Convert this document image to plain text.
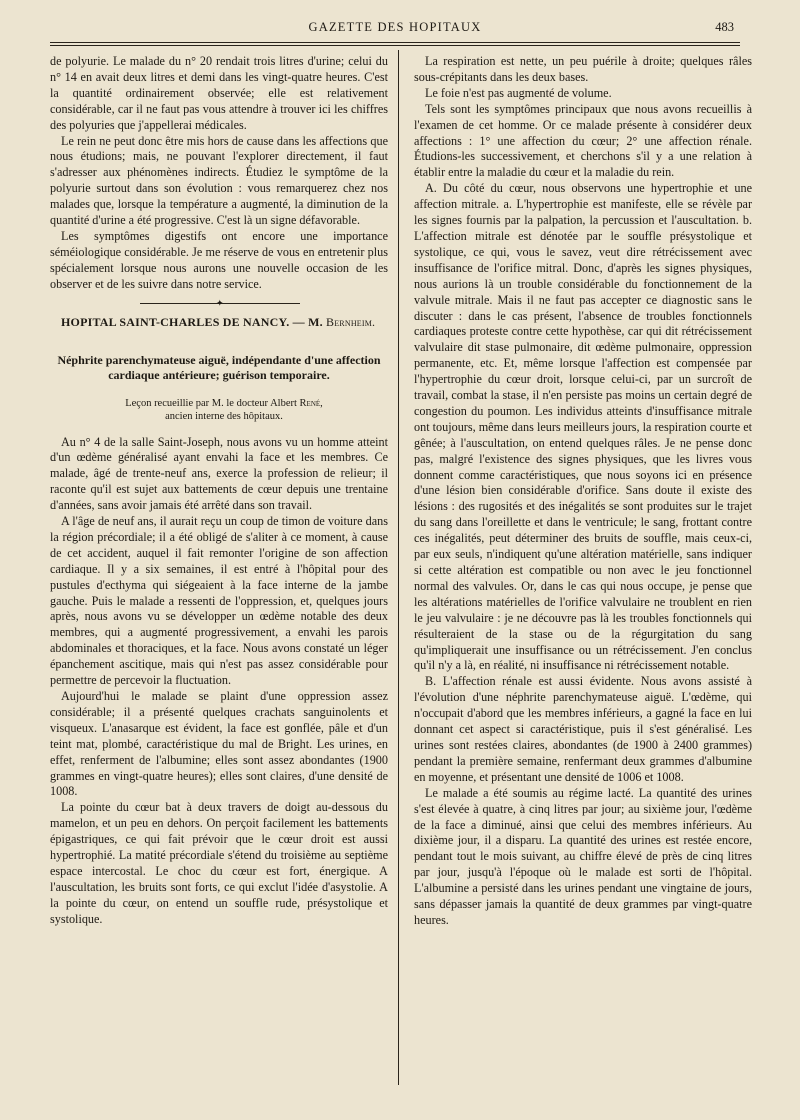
GAZETTE DES HOPITAUX	483

de polyurie. Le malade du n° 20 rendait trois litres d'urine; celui du n° 14 en avait deux litres et demi dans les vingt-quatre heures. C'est la quantité ordinairement observée; elle est relativement considérable, car il ne faut pas vous attendre à trouver ici les chiffres des polyuries que j'appellerai médicales.

Le rein ne peut donc être mis hors de cause dans les affections que nous étudions; mais, ne pouvant l'explorer directement, il faut s'adresser aux phénomènes indirects. Étudiez le symptôme de la polyurie surtout dans son évolution : vous remarquerez chez nos malades que, lorsque la température a augmenté, la diminution de la quantité d'urine a été progressive. C'est là un signe défavorable.

Les symptômes digestifs ont encore une importance séméiologique considérable. Je me réserve de vous en entretenir plus spécialement lorsque nous aurons une nouvelle occasion de les observer et de les suivre dans notre service.

✦

HOPITAL SAINT-CHARLES DE NANCY. — M. Bernheim.

Néphrite parenchymateuse aiguë, indépendante d'une affection cardiaque antérieure; guérison temporaire.
Leçon recueillie par M. le docteur Albert René,
ancien interne des hôpitaux.

Au n° 4 de la salle Saint-Joseph, nous avons vu un homme atteint d'un œdème généralisé ayant envahi la face et les membres. Ce malade, âgé de trente-neuf ans, exerce la profession de relieur; il raconte qu'il est sujet aux battements de cœur depuis une trentaine d'années, sans avoir jamais été arrêté dans son travail.

A l'âge de neuf ans, il aurait reçu un coup de timon de voiture dans la région précordiale; il a été obligé de s'aliter à ce moment, à cause de cet accident, auquel il fait remonter l'origine de son affection cardiaque. Il y a six semaines, il est entré à l'hôpital pour des pustules d'ecthyma qui siégeaient à la face interne de la jambe gauche. Puis le malade a ressenti de l'oppression, et, quelques jours après, nous avons vu se développer un œdème notable des deux membres, qui a augmenté progressivement, a envahi les parois abdominales et thoraciques, et la face. Nous avons constaté un léger épanchement ascitique, mais qui n'est pas assez considérable pour permettre de percevoir la fluctuation.

Aujourd'hui le malade se plaint d'une oppression assez considérable; il a présenté quelques crachats sanguinolents et visqueux. L'anasarque est évident, la face est gonflée, pâle et d'un teint mat, plombé, caractéristique du mal de Bright. Les urines, en effet, renferment de l'albumine; elles sont assez abondantes (1900 grammes en vingt-quatre heures); elles sont claires, d'une densité de 1008.

La pointe du cœur bat à deux travers de doigt au-dessous du mamelon, et un peu en dehors. On perçoit facilement les battements épigastriques, ce qui fait prévoir que le cœur droit est aussi hypertrophié. La matité précordiale s'étend du troisième au septième espace intercostal. Le choc du cœur est fort, énergique. A l'auscultation, les bruits sont forts, ce qui exclut l'idée d'asystolie. A la pointe du cœur, on entend un souffle rude, présystolique et systolique.

La respiration est nette, un peu puérile à droite; quelques râles sous-crépitants dans les deux bases.

Le foie n'est pas augmenté de volume.

Tels sont les symptômes principaux que nous avons recueillis à l'examen de cet homme. Or ce malade présente à considérer deux affections : 1° une affection du cœur; 2° une affection rénale. Étudions-les successivement, et cherchons s'il y a une relation à établir entre la maladie du cœur et la maladie du rein.

A. Du côté du cœur, nous observons une hypertrophie et une affection mitrale. a. L'hypertrophie est manifeste, elle se révèle par les signes fournis par la palpation, la percussion et l'auscultation. b. L'affection mitrale est dénotée par le souffle présystolique et systolique, ce qui, vous le savez, veut dire rétrécissement avec insuffisance de l'orifice mitral. Donc, d'après les signes physiques, nous aurions là un trouble considérable du fonctionnement de la valvule mitrale. Mais il ne faut pas accepter ce diagnostic sans le discuter : dans le cas présent, l'absence de troubles fonctionnels cardiaques proteste contre cette hypothèse, car qui dit rétrécissement valvulaire dit stase pulmonaire, dit œdème pulmonaire, oppression permanente, etc. Et, même lorsque l'affection est compensée par l'hypertrophie du cœur droit, lorsque celui-ci, par un surcroît de travail, combat la stase, il n'en persiste pas moins un certain degré de congestion du poumon. Les individus atteints d'insuffisance mitrale ont toujours, même dans leurs meilleurs jours, la respiration courte et gênée; à l'auscultation, on entend quelques râles. Je ne pense donc pas, malgré l'existence des signes physiques, que les livres vous donnent comme caractéristiques, que nous soyons ici en présence d'une lésion bien considérable d'orifice. Sans doute il existe des lésions : des rugosités et des inégalités se sont produites sur le trajet du sang dans l'oreillette et dans le ventricule; le sang, frottant contre ces inégalités, peut déterminer des bruits de souffle, mais ceux-ci, par eux seuls, n'indiquent qu'une altération matérielle, sans indiquer si cette altération est compatible ou non avec le jeu fonctionnel normal des valvules. Or, dans le cas qui nous occupe, je pense que les altérations matérielles de l'orifice valvulaire ne troublent en rien le jeu valvulaire : je ne découvre pas là les troubles fonctionnels qui résulteraient de la stase ou de la régurgitation du sang qu'impliquerait une insuffisance ou un rétrécissement. J'en conclus qu'il n'y a là, en réalité, ni insuffisance ni rétrécissement notable.

B. L'affection rénale est aussi évidente. Nous avons assisté à l'évolution d'une néphrite parenchymateuse aiguë. L'œdème, qui n'occupait d'abord que les membres inférieurs, a gagné la face en lui donnant cet aspect si caractéristique, puis il s'est généralisé. Les urines sont restées claires, abondantes (de 1900 à 2400 grammes) pendant la première semaine, renfermant deux grammes d'albumine en moyenne, et présentant une densité de 1006 et 1008.

Le malade a été soumis au régime lacté. La quantité des urines s'est élevée à quatre, à cinq litres par jour; au sixième jour, l'œdème de la face a diminué, ainsi que celui des membres inférieurs. Au dixième jour, il a disparu. La quantité des urines est restée encore, pendant tout le mois suivant, au chiffre élevé de près de cinq litres par jour, jusqu'à l'époque où le malade est sorti de l'hôpital. L'albumine a persisté dans les urines pendant une vingtaine de jours, sans dépasser jamais la quantité de deux grammes par vingt-quatre heures.
